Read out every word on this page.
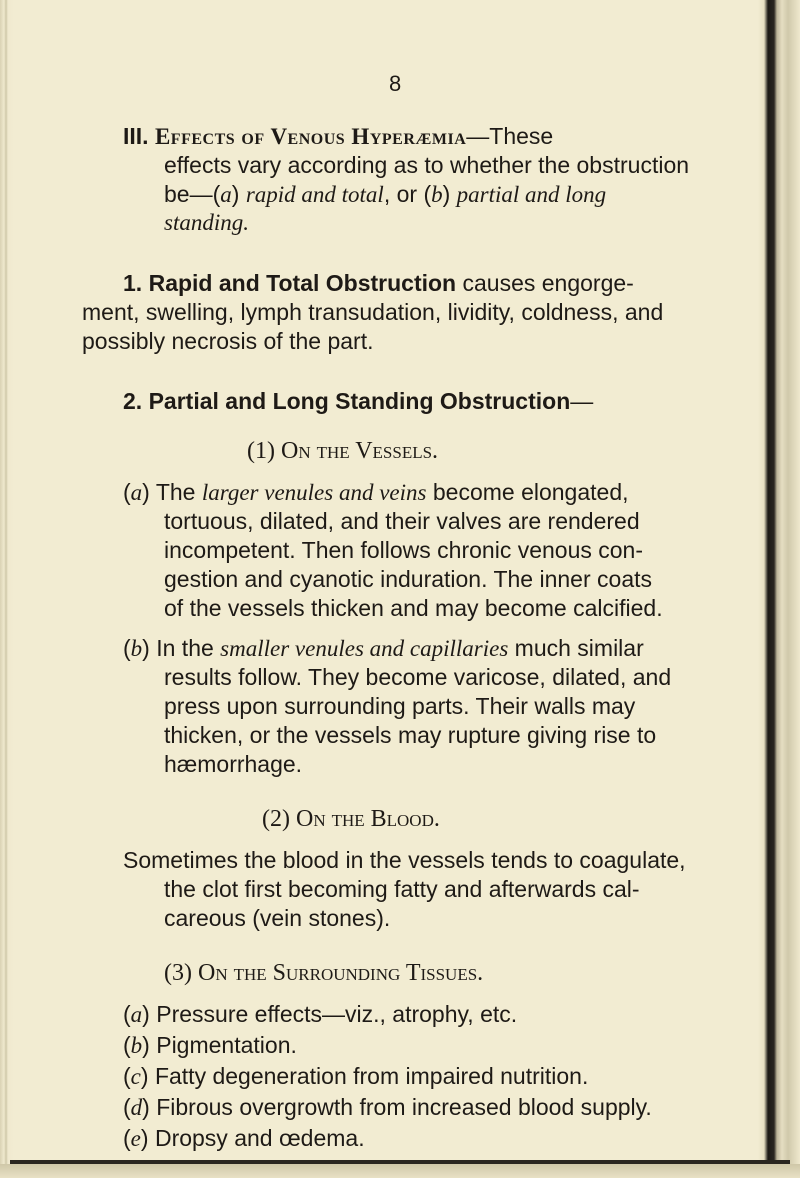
8
III. Effects of Venous Hyperæmia—These
effects vary according as to whether the obstruction
be—(a) rapid and total, or (b) partial and long
standing.
1. Rapid and Total Obstruction causes engorge-
ment, swelling, lymph transudation, lividity, coldness, and
possibly necrosis of the part.
2. Partial and Long Standing Obstruction—
(1) On the Vessels.
(a) The larger venules and veins become elongated,
tortuous, dilated, and their valves are rendered
incompetent. Then follows chronic venous con-
gestion and cyanotic induration. The inner coats
of the vessels thicken and may become calcified.
(b) In the smaller venules and capillaries much similar
results follow. They become varicose, dilated, and
press upon surrounding parts. Their walls may
thicken, or the vessels may rupture giving rise to
hæmorrhage.
(2) On the Blood.
Sometimes the blood in the vessels tends to coagulate,
the clot first becoming fatty and afterwards cal-
careous (vein stones).
(3) On the Surrounding Tissues.
(a) Pressure effects—viz., atrophy, etc.
(b) Pigmentation.
(c) Fatty degeneration from impaired nutrition.
(d) Fibrous overgrowth from increased blood supply.
(e) Dropsy and œdema.
